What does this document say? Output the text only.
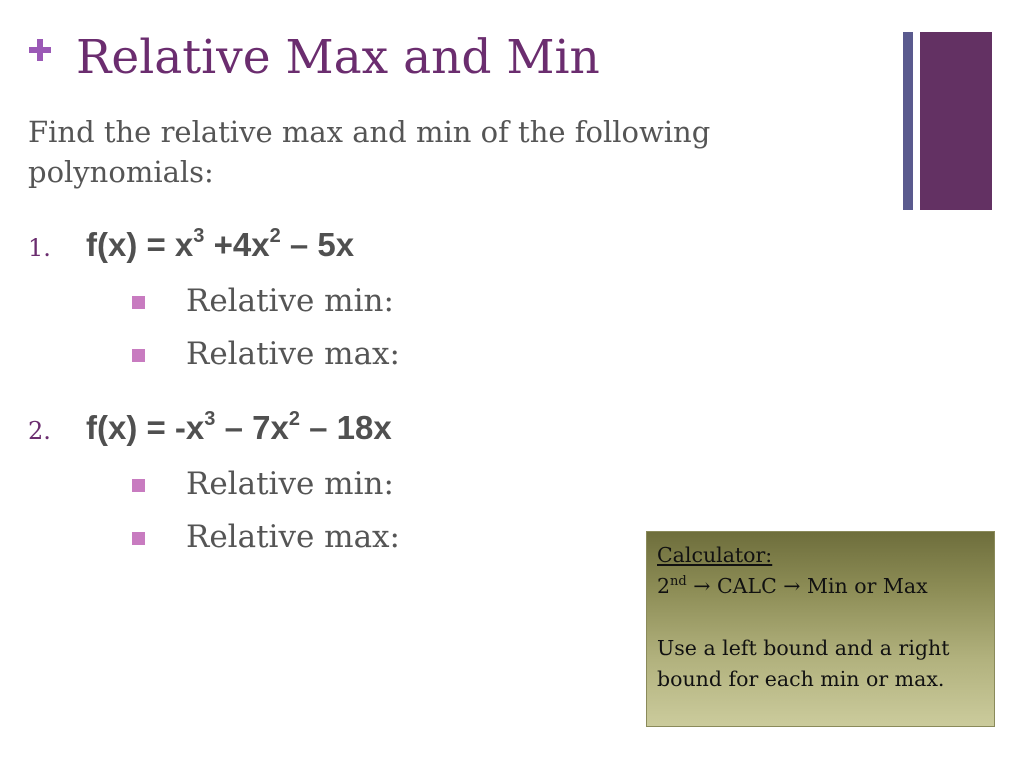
Relative Max and Min
Find the relative max and min of the following polynomials:
1. $f(x) = x^3 +4x^2 - 5x$
Relative min:
Relative max:
2. $f(x) = -x^3 - 7x^2 - 18x$
Relative min:
Relative max:	Calculator:
2nd → CALC → Min or Max
Use a left bound and a right bound for each min or max.
